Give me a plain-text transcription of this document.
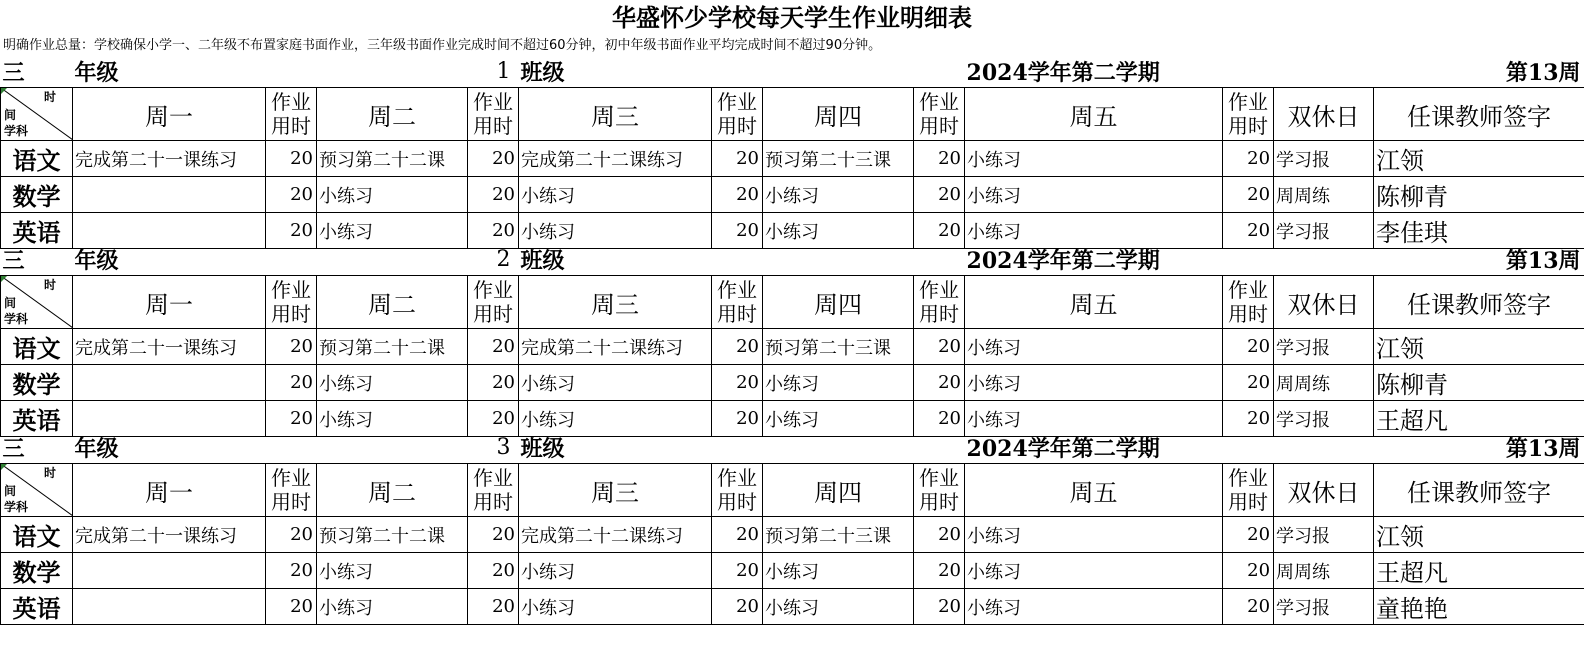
华盛怀少学校每天学生作业明细表
明确作业总量：学校确保小学一、二年级不布置家庭书面作业，三年级书面作业完成时间不超过60分钟，初中年级书面作业平均完成时间不超过90分钟。
三	年级	1			班级				2024学年第二学期			第13周

时
间
学科	周一	作业
用时	周二	作业
用时	周三	作业
用时	周四	作业
用时	周五	作业
用时	双休日	任课教师签字
语文	完成第二十一课练习	20	预习第二十二课	20	完成第二十二课练习	20	预习第二十三课	20	小练习	20	学习报	江领
数学		20	小练习	20	小练习	20	小练习	20	小练习	20	周周练	陈柳青
英语		20	小练习	20	小练习	20	小练习	20	小练习	20	学习报	李佳琪
三	年级	2			班级				2024学年第二学期			第13周

时
间
学科	周一	作业
用时	周二	作业
用时	周三	作业
用时	周四	作业
用时	周五	作业
用时	双休日	任课教师签字
语文	完成第二十一课练习	20	预习第二十二课	20	完成第二十二课练习	20	预习第二十三课	20	小练习	20	学习报	江领
数学		20	小练习	20	小练习	20	小练习	20	小练习	20	周周练	陈柳青
英语		20	小练习	20	小练习	20	小练习	20	小练习	20	学习报	王超凡
三	年级	3			班级				2024学年第二学期			第13周

时
间
学科	周一	作业
用时	周二	作业
用时	周三	作业
用时	周四	作业
用时	周五	作业
用时	双休日	任课教师签字
语文	完成第二十一课练习	20	预习第二十二课	20	完成第二十二课练习	20	预习第二十三课	20	小练习	20	学习报	江领
数学		20	小练习	20	小练习	20	小练习	20	小练习	20	周周练	王超凡
英语		20	小练习	20	小练习	20	小练习	20	小练习	20	学习报	童艳艳
